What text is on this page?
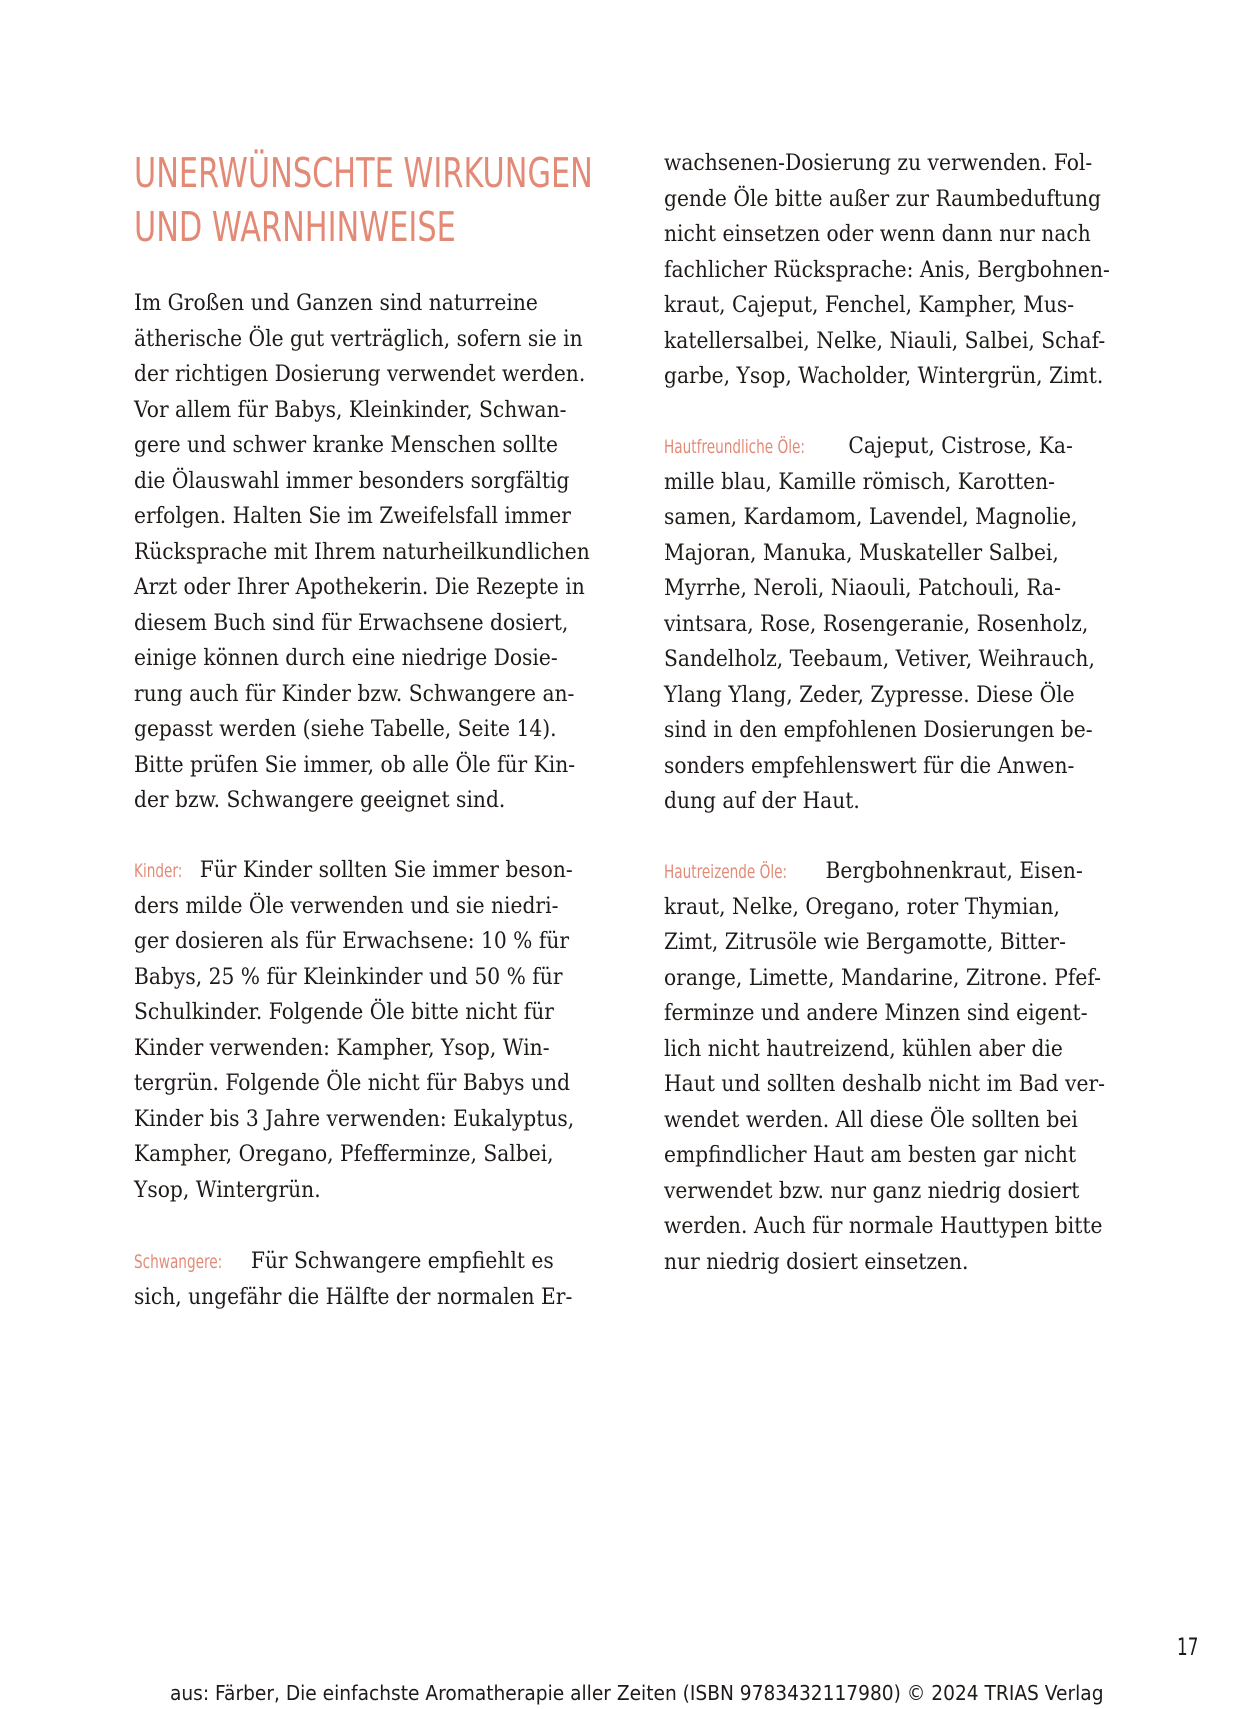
UNERWÜNSCHTE WIRKUNGEN
UND WARNHINWEISE
Im Großen und Ganzen sind naturreine
ätherische Öle gut verträglich, sofern sie in
der richtigen Dosierung verwendet werden.
Vor allem für Babys, Kleinkinder, Schwan-
gere und schwer kranke Menschen sollte
die Ölauswahl immer besonders sorgfältig
erfolgen. Halten Sie im Zweifelsfall immer
Rücksprache mit Ihrem naturheilkundlichen
Arzt oder Ihrer Apothekerin. Die Rezepte in
diesem Buch sind für Erwachsene dosiert,
einige können durch eine niedrige Dosie-
rung auch für Kinder bzw. Schwangere an-
gepasst werden (siehe Tabelle, Seite 14).
Bitte prüfen Sie immer, ob alle Öle für Kin-
der bzw. Schwangere geeignet sind.
Kinder: Für Kinder sollten Sie immer beson-
ders milde Öle verwenden und sie niedri-
ger dosieren als für Erwachsene: 10 % für
Babys, 25 % für Kleinkinder und 50 % für
Schulkinder. Folgende Öle bitte nicht für
Kinder verwenden: Kampher, Ysop, Win-
tergrün. Folgende Öle nicht für Babys und
Kinder bis 3 Jahre verwenden: Eukalyptus,
Kampher, Oregano, Pfefferminze, Salbei,
Ysop, Wintergrün.
Schwangere: Für Schwangere empfiehlt es
sich, ungefähr die Hälfte der normalen Er-
wachsenen-Dosierung zu verwenden. Fol-
gende Öle bitte außer zur Raumbeduftung
nicht einsetzen oder wenn dann nur nach
fachlicher Rücksprache: Anis, Bergbohnen-
kraut, Cajeput, Fenchel, Kampher, Mus-
katellersalbei, Nelke, Niauli, Salbei, Schaf-
garbe, Ysop, Wacholder, Wintergrün, Zimt.
Hautfreundliche Öle: Cajeput, Cistrose, Ka-
mille blau, Kamille römisch, Karotten-
samen, Kardamom, Lavendel, Magnolie,
Majoran, Manuka, Muskateller Salbei,
Myrrhe, Neroli, Niaouli, Patchouli, Ra-
vintsara, Rose, Rosengeranie, Rosenholz,
Sandelholz, Teebaum, Vetiver, Weihrauch,
Ylang Ylang, Zeder, Zypresse. Diese Öle
sind in den empfohlenen Dosierungen be-
sonders empfehlenswert für die Anwen-
dung auf der Haut.
Hautreizende Öle: Bergbohnenkraut, Eisen-
kraut, Nelke, Oregano, roter Thymian,
Zimt, Zitrusöle wie Bergamotte, Bitter-
orange, Limette, Mandarine, Zitrone. Pfef-
ferminze und andere Minzen sind eigent-
lich nicht hautreizend, kühlen aber die
Haut und sollten deshalb nicht im Bad ver-
wendet werden. All diese Öle sollten bei
empfindlicher Haut am besten gar nicht
verwendet bzw. nur ganz niedrig dosiert
werden. Auch für normale Hauttypen bitte
nur niedrig dosiert einsetzen.
17
aus: Färber, Die einfachste Aromatherapie aller Zeiten (ISBN 9783432117980) © 2024 TRIAS Verlag
